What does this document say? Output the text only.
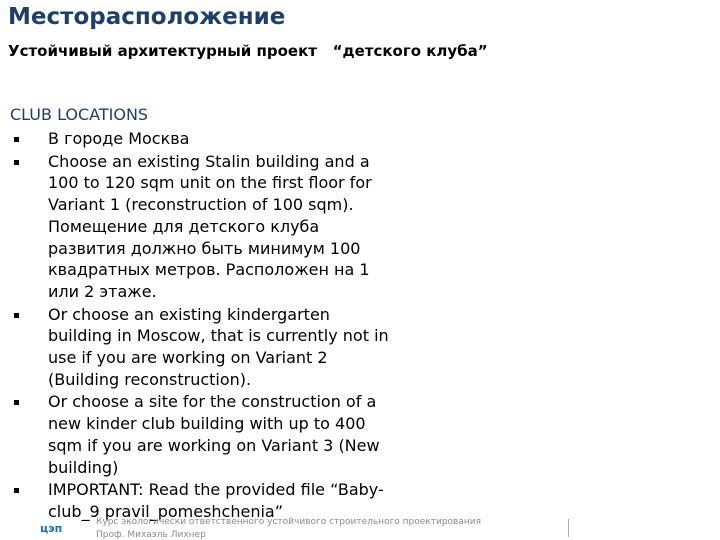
Месторасположение
Устойчивый архитектурный проект   “детского клуба”
CLUB LOCATIONS
В городе Москва
Choose an existing Stalin building and a 100 to 120 sqm unit on the first floor for Variant 1 (reconstruction of 100 sqm). Помещение для детского клуба развития должно быть минимум 100 квадратных метров. Расположен на 1 или 2 этаже.
Or choose an existing kindergarten building in Moscow, that is currently not in use if you are working on Variant 2 (Building reconstruction).
Or choose a site for the construction of a new kinder club building with up to 400 sqm if you are working on Variant 3 (New building)
IMPORTANT: Read the provided file “Baby-club_9 pravil_pomeshchenia”
цэп	Курс экологически ответственного устойчивого строительного проектирования
Проф. Михаэль Лихнер
